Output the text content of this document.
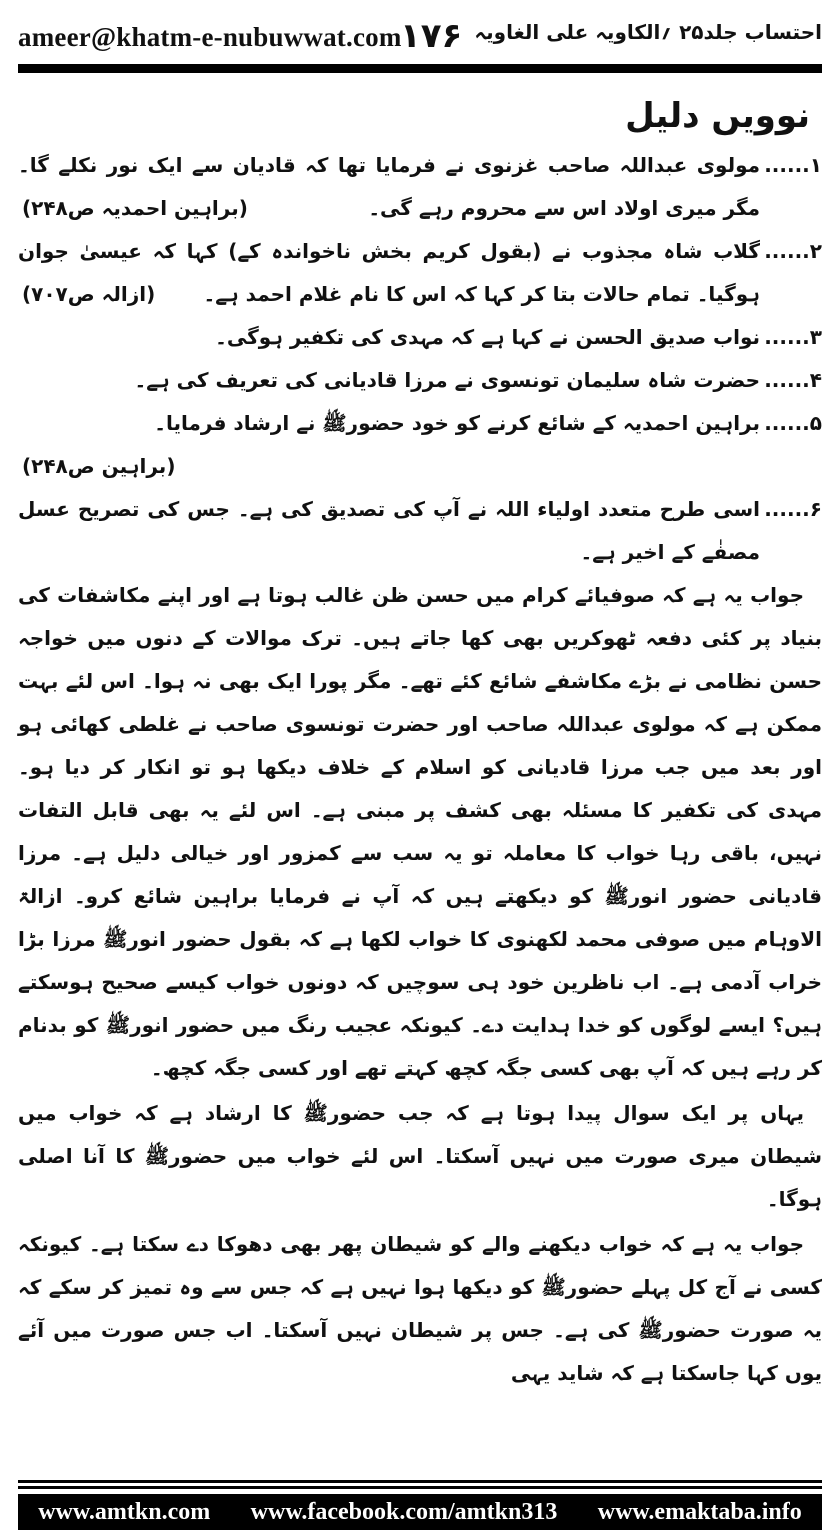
ameer@khatm-e-nubuwwat.com
۱۷۶ احتساب جلد۲۵ ؍الکاویہ علی الغاویہ
نوویں دلیل
۱......
مولوی عبداللہ صاحب غزنوی نے فرمایا تھا کہ قادیان سے ایک نور نکلے گا۔ مگر میری اولاد اس سے محروم رہے گی۔
(براہین احمدیہ ص۲۴۸)
۲......
گلاب شاہ مجذوب نے (بقول کریم بخش ناخواندہ کے) کہا کہ عیسیٰ جوان ہوگیا۔ تمام حالات بتا کر کہا کہ اس کا نام غلام احمد ہے۔
(ازالہ ص۷۰۷)
۳......
نواب صدیق الحسن نے کہا ہے کہ مہدی کی تکفیر ہوگی۔
۴......
حضرت شاہ سلیمان تونسوی نے مرزا قادیانی کی تعریف کی ہے۔
۵......
براہین احمدیہ کے شائع کرنے کو خود حضورﷺ نے ارشاد فرمایا۔
(براہین ص۲۴۸)
۶......
اسی طرح متعدد اولیاء اللہ نے آپ کی تصدیق کی ہے۔ جس کی تصریح عسل مصفٰے کے اخیر ہے۔
جواب یہ ہے کہ صوفیائے کرام میں حسن ظن غالب ہوتا ہے اور اپنے مکاشفات کی بنیاد پر کئی دفعہ ٹھوکریں بھی کھا جاتے ہیں۔ ترک موالات کے دنوں میں خواجہ حسن نظامی نے بڑے مکاشفے شائع کئے تھے۔ مگر پورا ایک بھی نہ ہوا۔ اس لئے بہت ممکن ہے کہ مولوی عبداللہ صاحب اور حضرت تونسوی صاحب نے غلطی کھائی ہو اور بعد میں جب مرزا قادیانی کو اسلام کے خلاف دیکھا ہو تو انکار کر دیا ہو۔ مہدی کی تکفیر کا مسئلہ بھی کشف پر مبنی ہے۔ اس لئے یہ بھی قابل التفات نہیں، باقی رہا خواب کا معاملہ تو یہ سب سے کمزور اور خیالی دلیل ہے۔ مرزا قادیانی حضور انورﷺ کو دیکھتے ہیں کہ آپ نے فرمایا براہین شائع کرو۔ ازالۃ الاوہام میں صوفی محمد لکھنوی کا خواب لکھا ہے کہ بقول حضور انورﷺ مرزا بڑا خراب آدمی ہے۔ اب ناظرین خود ہی سوچیں کہ دونوں خواب کیسے صحیح ہوسکتے ہیں؟ ایسے لوگوں کو خدا ہدایت دے۔ کیونکہ عجیب رنگ میں حضور انورﷺ کو بدنام کر رہے ہیں کہ آپ بھی کسی جگہ کچھ کہتے تھے اور کسی جگہ کچھ۔
یہاں پر ایک سوال پیدا ہوتا ہے کہ جب حضورﷺ کا ارشاد ہے کہ خواب میں شیطان میری صورت میں نہیں آسکتا۔ اس لئے خواب میں حضورﷺ کا آنا اصلی ہوگا۔
جواب یہ ہے کہ خواب دیکھنے والے کو شیطان پھر بھی دھوکا دے سکتا ہے۔ کیونکہ کسی نے آج کل پہلے حضورﷺ کو دیکھا ہوا نہیں ہے کہ جس سے وہ تمیز کر سکے کہ یہ صورت حضورﷺ کی ہے۔ جس پر شیطان نہیں آسکتا۔ اب جس صورت میں آئے یوں کہا جاسکتا ہے کہ شاید یہی
www.amtkn.com www.facebook.com/amtkn313 www.emaktaba.info
